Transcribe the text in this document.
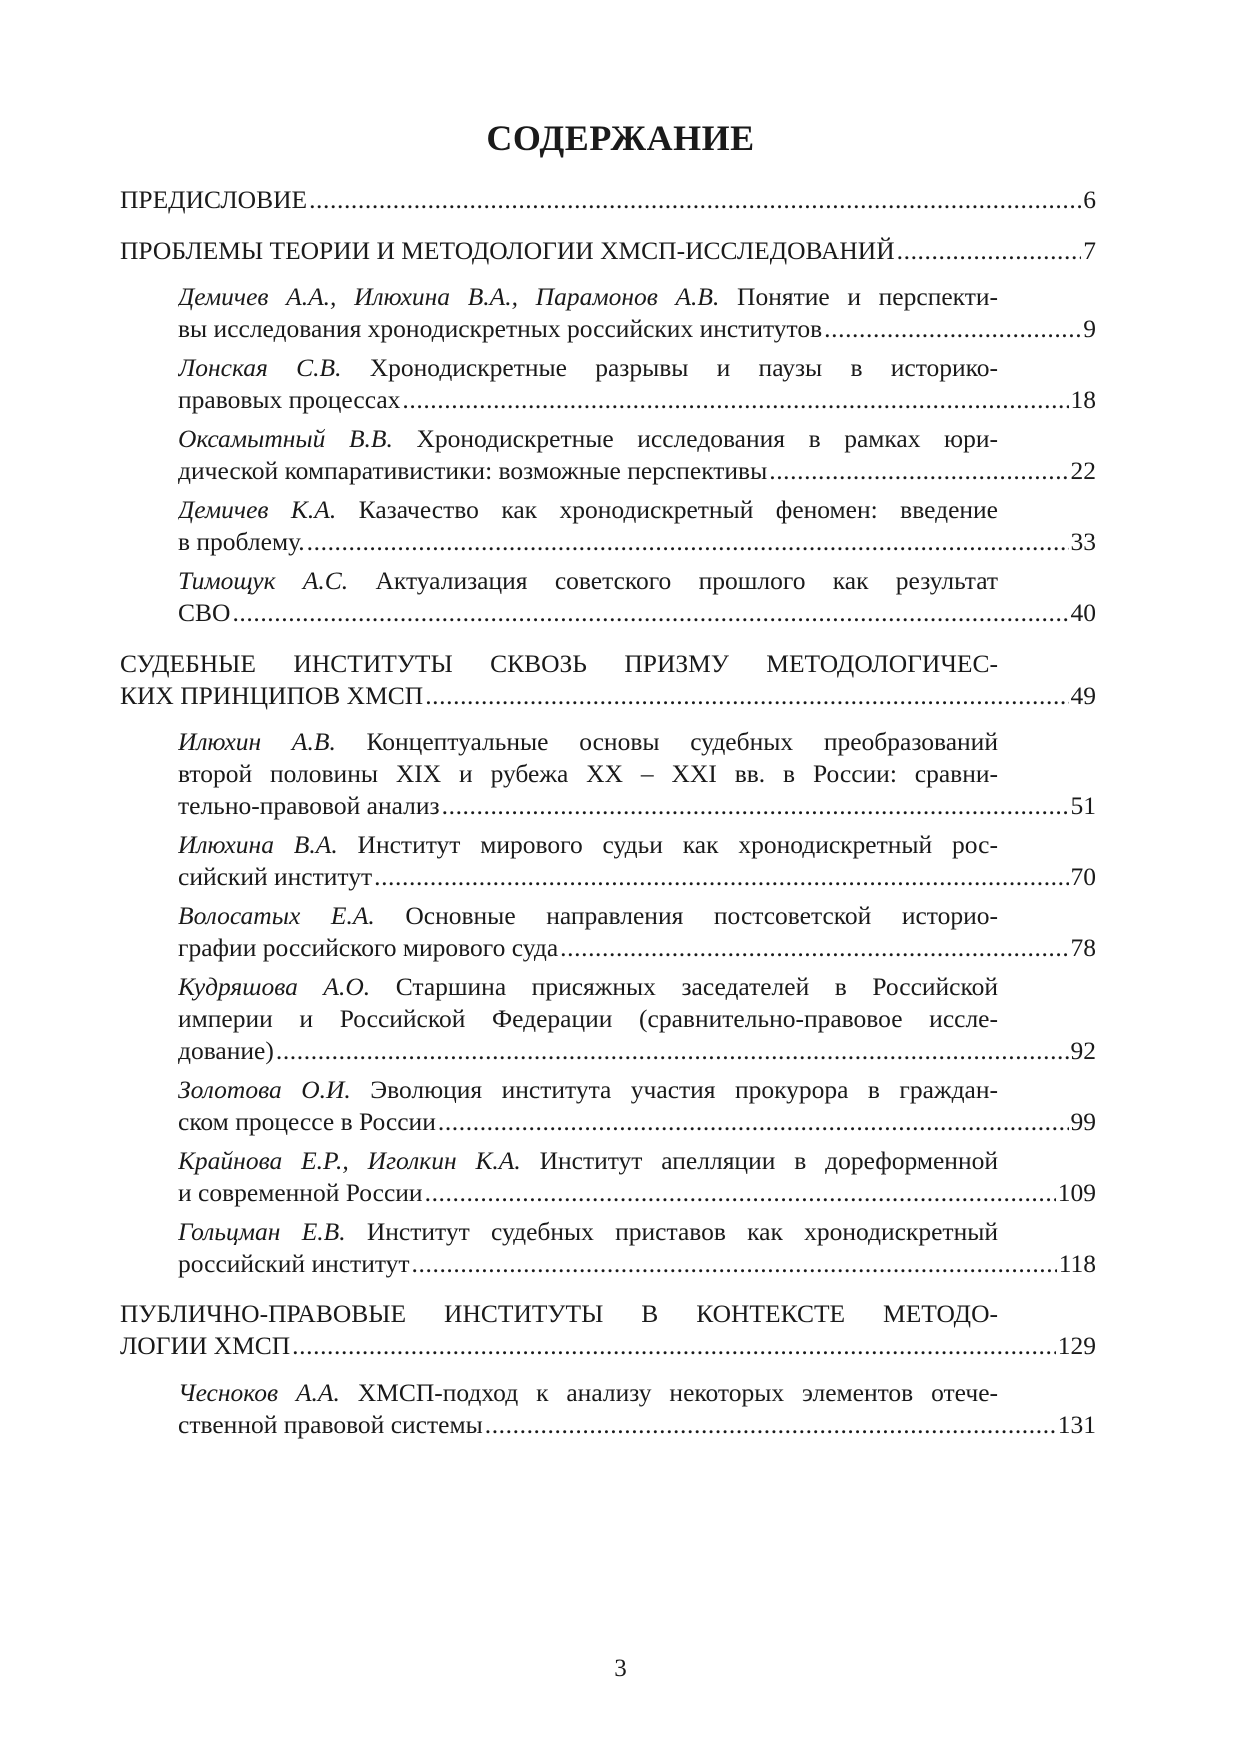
СОДЕРЖАНИЕ
ПРЕДИСЛОВИЕ .....	6
ПРОБЛЕМЫ ТЕОРИИ И МЕТОДОЛОГИИ ХМСП-ИССЛЕДОВАНИЙ .....	7
Демичев А.А., Илюхина В.А., Парамонов А.В. Понятие и перспекти-
вы исследования хронодискретных российских институтов .....	9
Лонская С.В. Хронодискретные разрывы и паузы в историко-
правовых процессах .....	18
Оксамытный В.В. Хронодискретные исследования в рамках юри-
дической компаративистики: возможные перспективы .....	22
Демичев К.А. Казачество как хронодискретный феномен: введение
в проблему. .....	33
Тимощук А.С. Актуализация советского прошлого как результат
СВО .....	40
СУДЕБНЫЕ ИНСТИТУТЫ СКВОЗЬ ПРИЗМУ МЕТОДОЛОГИЧЕС-
КИХ ПРИНЦИПОВ ХМСП .....	49
Илюхин А.В. Концептуальные основы судебных преобразований
второй половины XIX и рубежа XX – XXI вв. в России: сравни-
тельно-правовой анализ .....	51
Илюхина В.А. Институт мирового судьи как хронодискретный рос-
сийский институт .....	70
Волосатых Е.А. Основные направления постсоветской историо-
графии российского мирового суда .....	78
Кудряшова А.О. Старшина присяжных заседателей в Российской
империи и Российской Федерации (сравнительно-правовое иссле-
дование) .....	92
Золотова О.И. Эволюция института участия прокурора в граждан-
ском процессе в России .....	99
Крайнова Е.Р., Иголкин К.А. Институт апелляции в дореформенной
и современной России .....	109
Гольцман Е.В. Институт судебных приставов как хронодискретный
российский институт .....	118
ПУБЛИЧНО-ПРАВОВЫЕ ИНСТИТУТЫ В КОНТЕКСТЕ МЕТОДО-
ЛОГИИ ХМСП .....	129
Чесноков А.А. ХМСП-подход к анализу некоторых элементов отече-
ственной правовой системы .....	131
3
